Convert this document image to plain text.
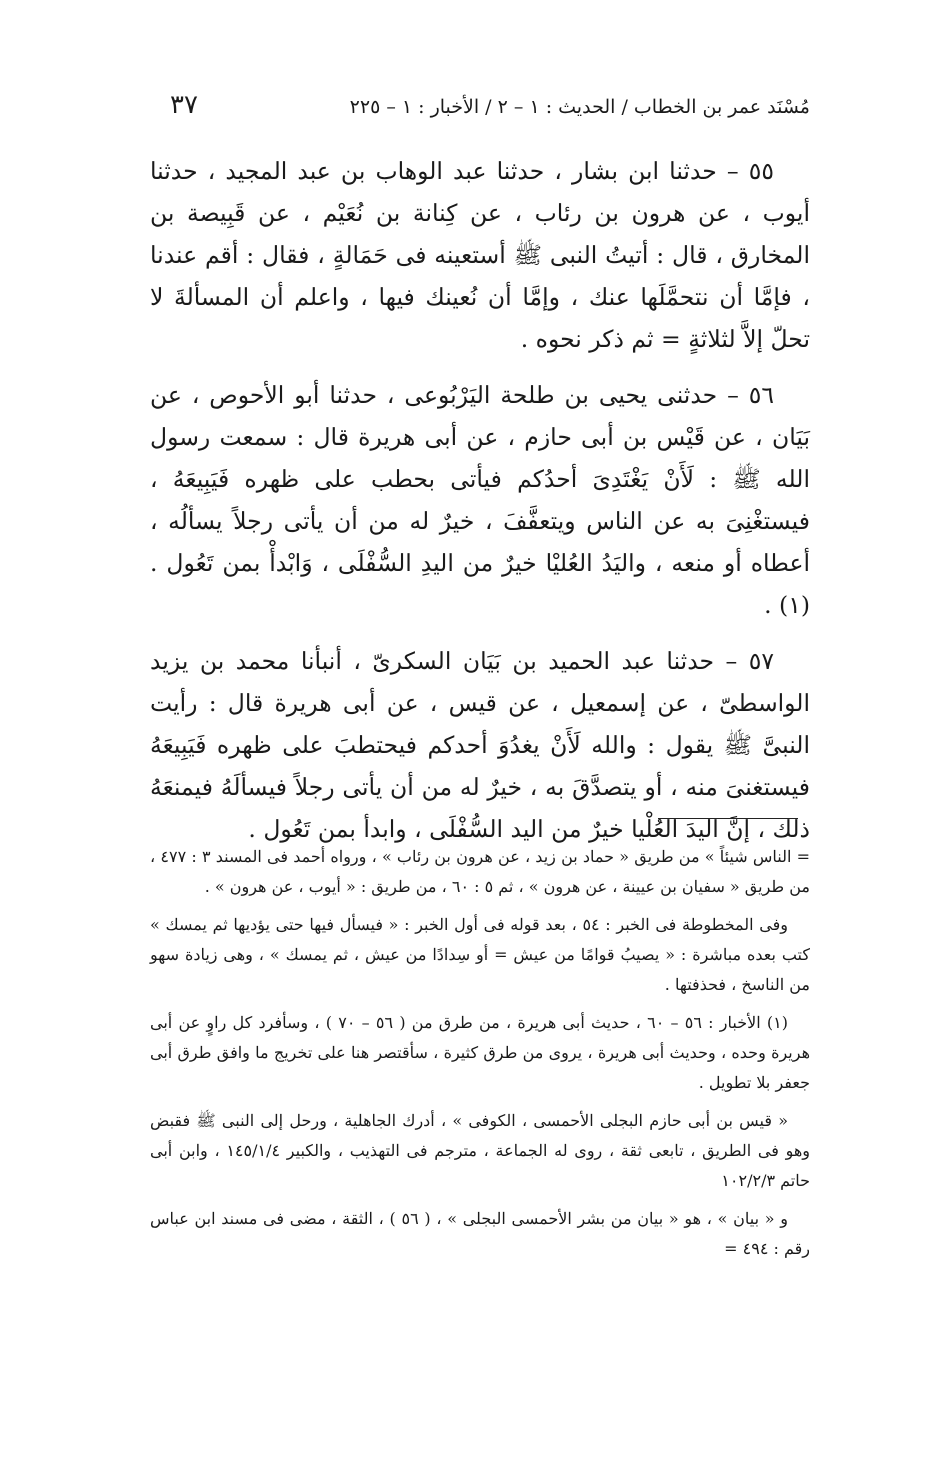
مُسْنَد عمر بن الخطاب / الحديث : ١ – ٢ / الأخبار : ١ – ٢٢٥
٣٧

٥٥ – حدثنا ابن بشار ، حدثنا عبد الوهاب بن عبد المجيد ، حدثنا أيوب ، عن هرون بن رئاب ، عن كِنانة بن نُعَيْم ، عن قَبِيصة بن المخارق ، قال : أتيتُ النبى ﷺ أستعينه فى حَمَالةٍ ، فقال : أقم عندنا ، فإمَّا أن نتحمَّلَها عنك ، وإمَّا أن نُعينك فيها ، واعلم أن المسألةَ لا تحلّ إلاَّ لثلاثةٍ = ثم ذكر نحوه .

٥٦ – حدثنى يحيى بن طلحة اليَرْبُوعى ، حدثنا أبو الأحوص ، عن بَيَان ، عن قَيْس بن أبى حازم ، عن أبى هريرة قال : سمعت رسول الله ﷺ : لَأَنْ يَغْتَدِىَ أحدُكم فيأتى بحطب على ظهره فَيَبِيعَهُ ، فيستغْنِىَ به عن الناس ويتعفَّفَ ، خيرٌ له من أن يأتى رجلاً يسألُه ، أعطاه أو منعه ، واليَدُ العُليْا خيرٌ من اليدِ السُّفْلَى ، وَابْدأْ بمن تَعُول . (١) .

٥٧ – حدثنا عبد الحميد بن بَيَان السكرىّ ، أنبأنا محمد بن يزيد الواسطىّ ، عن إسمعيل ، عن قيس ، عن أبى هريرة قال : رأيت النبىَّ ﷺ يقول : والله لَأَنْ يغدُوَ أحدكم فيحتطبَ على ظهره فَيَبِيعَهُ فيستغنىَ منه ، أو يتصدَّقَ به ، خيرٌ له من أن يأتى رجلاً فيسألَهُ فيمنعَهُ ذلك ، إنَّ اليدَ العُلْيا خيرٌ من اليد السُّفْلَى ، وابدأ بمن تَعُول .

= الناس شيئاً » من طريق « حماد بن زيد ، عن هرون بن رئاب » ، ورواه أحمد فى المسند ٣ : ٤٧٧ ، من طريق « سفيان بن عيينة ، عن هرون » ، ثم ٥ : ٦٠ ، من طريق : « أيوب ، عن هرون » .

وفى المخطوطة فى الخبر : ٥٤ ، بعد قوله فى أول الخبر : « فيسأل فيها حتى يؤديها ثم يمسك » كتب بعده مباشرة : « يصيبُ قوامًا من عيش = أو سِدادًا من عيش ، ثم يمسك » ، وهى زيادة سهو من الناسخ ، فحذفتها .

(١) الأخبار : ٥٦ – ٦٠ ، حديث أبى هريرة ، من طرق من ( ٥٦ – ٧٠ ) ، وسأفرد كل راوٍ عن أبى هريرة وحده ، وحديث أبى هريرة ، يروى من طرق كثيرة ، سأقتصر هنا على تخريج ما وافق طرق أبى جعفر بلا تطويل .

« قيس بن أبى حازم البجلى الأحمسى ، الكوفى » ، أدرك الجاهلية ، ورحل إلى النبى ﷺ فقبض وهو فى الطريق ، تابعى ثقة ، روى له الجماعة ، مترجم فى التهذيب ، والكبير ١٤٥/١/٤ ، وابن أبى حاتم ١٠٢/٢/٣

و « بيان » ، هو « بيان من بشر الأحمسى البجلى » ، ( ٥٦ ) ، الثقة ، مضى فى مسند ابن عباس رقم : ٤٩٤ =
